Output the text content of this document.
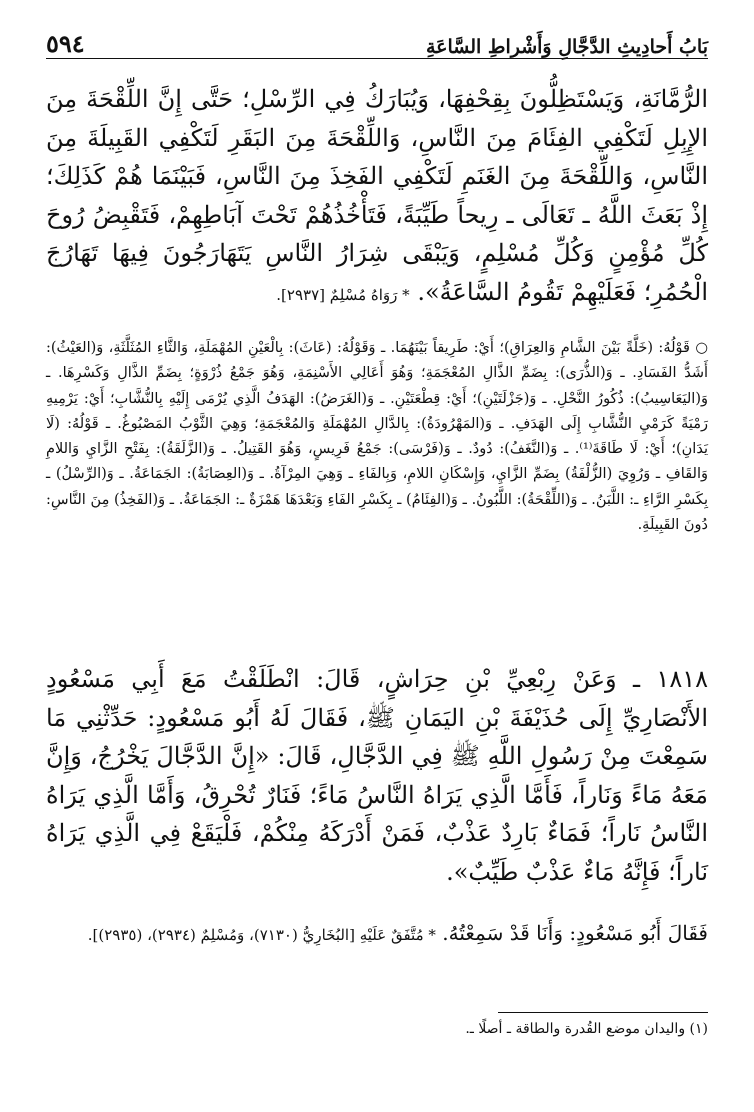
بَابُ أَحادِيثِ الدَّجَّالِ وَأَشْراطِ السَّاعَةِ
٥٩٤

الرُّمَّانَةِ، وَيَسْتَظِلُّونَ بِقِحْفِهَا، وَيُبَارَكُ فِي الرِّسْلِ؛ حَتَّى إِنَّ اللِّقْحَةَ مِنَ الإِبِلِ لَتَكْفِي الفِئَامَ مِنَ النَّاسِ، وَاللِّقْحَةَ مِنَ البَقَرِ لَتَكْفِي القَبِيلَةَ مِنَ النَّاسِ، وَاللِّقْحَةَ مِنَ الغَنَمِ لَتَكْفِي الفَخِذَ مِنَ النَّاسِ، فَبَيْنَمَا هُمْ كَذَلِكَ؛ إِذْ بَعَثَ اللَّهُ ـ تَعَالَى ـ رِيحاً طَيِّبَةً، فَتَأْخُذُهُمْ تَحْتَ آبَاطِهِمْ، فَتَقْبِضُ رُوحَ كُلِّ مُؤْمِنٍ وَكُلِّ مُسْلِمٍ، وَيَبْقَى شِرَارُ النَّاسِ يَتَهَارَجُونَ فِيهَا تَهَارُجَ الْحُمُرِ؛ فَعَلَيْهِمْ تَقُومُ السَّاعَةُ». * رَوَاهُ مُسْلِمٌ [٢٩٣٧].

○ قَوْلُهُ: (خَلَّةً بَيْنَ الشَّامِ وَالعِرَاقِ)؛ أَيْ: طَرِيقاً بَيْنَهُمَا. ـ وَقَوْلُهُ: (عَاثَ): بِالْعَيْنِ المُهْمَلَةِ، وَالثَّاءِ المُثَلَّثَةِ، وَ(العَيْثُ): أَشَدُّ الفَسَادِ. ـ وَ(الذُّرَى): بِضَمِّ الذَّالِ المُعْجَمَةِ؛ وَهُوَ أَعَالِي الأَسْنِمَةِ، وَهُوَ جَمْعُ ذُرْوَةٍ؛ بِضَمِّ الذَّالِ وَكَسْرِهَا. ـ وَ(اليَعَاسِيبُ): ذُكُورُ النَّحْلِ. ـ وَ(جَزْلَتَيْنِ)؛ أَيْ: قِطْعَتَيْنِ. ـ وَ(الغَرَضُ): الهَدَفُ الَّذِي يُرْمَى إِلَيْهِ بِالنُّشَّابِ؛ أَيْ: يَرْمِيهِ رَمْيَةً كَرَمْيِ النُّشَّابِ إِلَى الهَدَفِ. ـ وَ(المَهْرُودَةُ): بِالدَّالِ المُهْمَلَةِ وَالمُعْجَمَةِ؛ وَهِيَ الثَّوْبُ المَصْبُوغُ. ـ قَوْلُهُ: (لَا يَدَانِ)؛ أَيْ: لَا طَاقَةَ⁽¹⁾. ـ وَ(النَّغَفُ): دُودٌ. ـ وَ(فَرْسَى): جَمْعُ فَرِيسٍ، وَهُوَ القَتِيلُ. ـ وَ(الزَّلَقَةُ): بِفَتْحِ الزَّايِ وَاللامِ وَالقَافِ ـ وَرُوِيَ (الزُّلْفَةُ) بِضَمِّ الزَّايِ، وَإِسْكَانِ اللامِ، وَبِالفَاءِ ـ وَهِيَ المِرْآةُ. ـ وَ(العِصَابَةُ): الجَمَاعَةُ. ـ وَ(الرِّسْلُ) ـ بِكَسْرِ الرَّاءِ ـ: اللَّبَنُ. ـ وَ(اللِّقْحَةُ): اللَّبُونُ. ـ وَ(الفِئَامُ) ـ بِكَسْرِ الفَاءِ وَبَعْدَهَا هَمْزَةٌ ـ: الجَمَاعَةُ. ـ وَ(الفَخِذُ) مِنَ النَّاسِ: دُونَ القَبِيلَةِ.

١٨١٨ ـ وَعَنْ رِبْعِيِّ بْنِ حِرَاشٍ، قَالَ: انْطَلَقْتُ مَعَ أَبِي مَسْعُودٍ الأَنْصَارِيِّ إِلَى حُذَيْفَةَ بْنِ اليَمَانِ ﷺ، فَقَالَ لَهُ أَبُو مَسْعُودٍ: حَدِّثْنِي مَا سَمِعْتَ مِنْ رَسُولِ اللَّهِ ﷺ فِي الدَّجَّالِ، قَالَ: «إِنَّ الدَّجَّالَ يَخْرُجُ، وَإِنَّ مَعَهُ مَاءً وَنَاراً، فَأَمَّا الَّذِي يَرَاهُ النَّاسُ مَاءً؛ فَنَارٌ تُحْرِقُ، وَأَمَّا الَّذِي يَرَاهُ النَّاسُ نَاراً؛ فَمَاءٌ بَارِدٌ عَذْبٌ، فَمَنْ أَدْرَكَهُ مِنْكُمْ، فَلْيَقَعْ فِي الَّذِي يَرَاهُ نَاراً؛ فَإِنَّهُ مَاءٌ عَذْبٌ طَيِّبٌ».

فَقَالَ أَبُو مَسْعُودٍ: وَأَنَا قَدْ سَمِعْتُهُ. * مُتَّفَقٌ عَلَيْهِ [البُخَارِيُّ (٧١٣٠)، وَمُسْلِمٌ (٢٩٣٤)، (٢٩٣٥)].

(١) واليدان موضع القُدرة والطاقة ـ أصلًا ـ.
